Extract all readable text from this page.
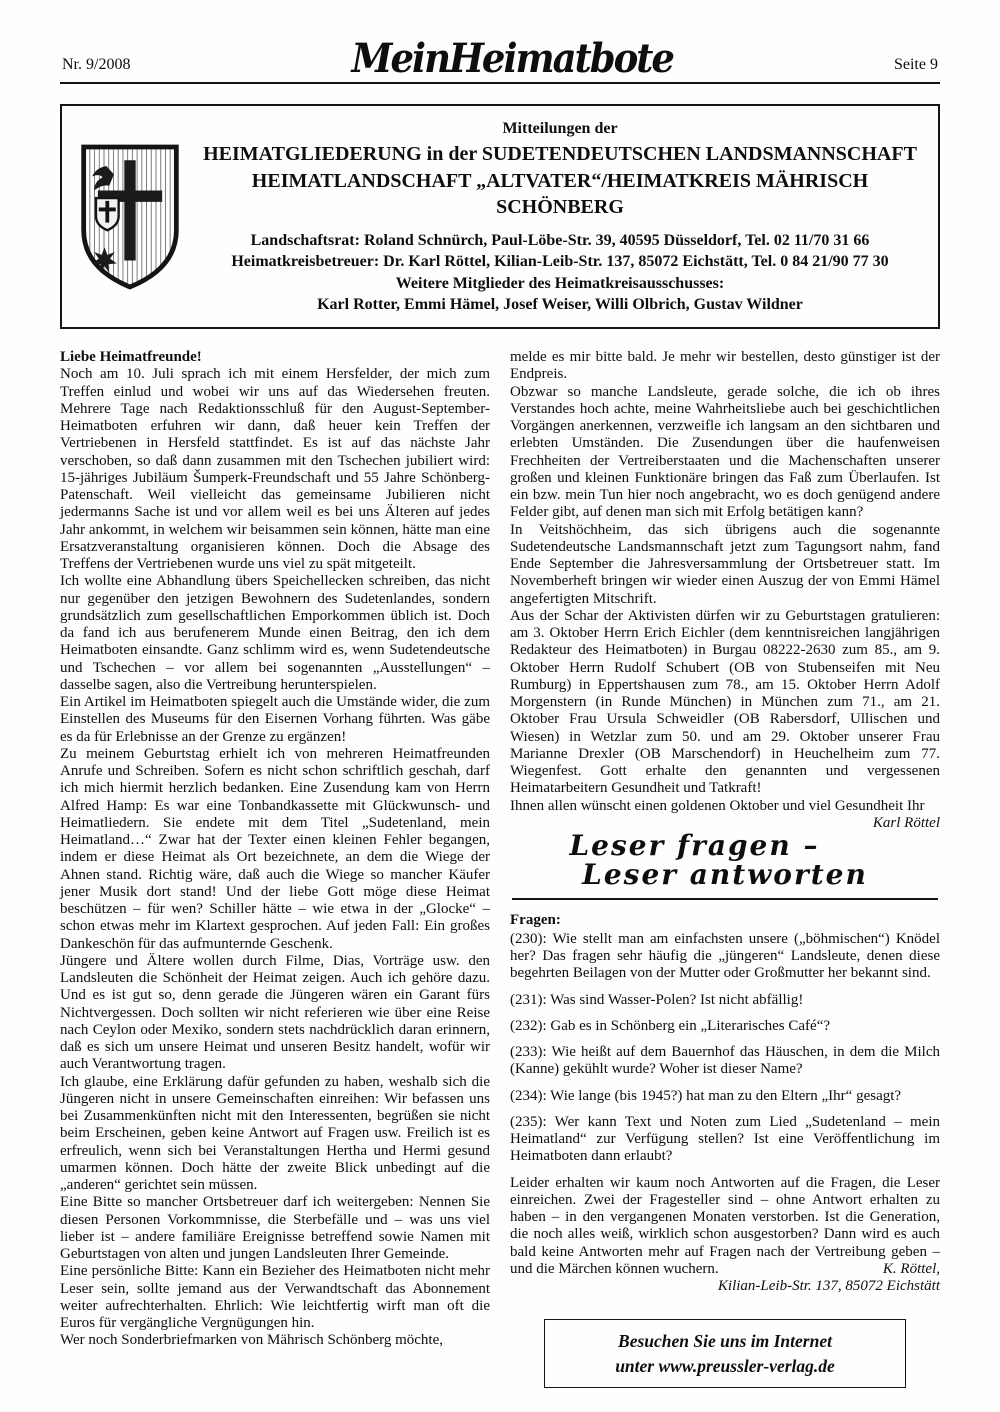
Nr. 9/2008	MeinHeimatbote	Seite 9
Mitteilungen der
HEIMATGLIEDERUNG in der SUDETENDEUTSCHEN LANDSMANNSCHAFT
HEIMATLANDSCHAFT „ALTVATER“/HEIMATKREIS MÄHRISCH SCHÖNBERG
Landschaftsrat: Roland Schnürch, Paul-Löbe-Str. 39, 40595 Düsseldorf, Tel. 02 11/70 31 66
Heimatkreisbetreuer: Dr. Karl Röttel, Kilian-Leib-Str. 137, 85072 Eichstätt, Tel. 0 84 21/90 77 30
Weitere Mitglieder des Heimatkreisausschusses:
Karl Rotter, Emmi Hämel, Josef Weiser, Willi Olbrich, Gustav Wildner

Liebe Heimatfreunde!

Noch am 10. Juli sprach ich mit einem Hersfelder, der mich zum Treffen einlud und wobei wir uns auf das Wiedersehen freuten. Mehrere Tage nach Redaktionsschluß für den August-September-Heimatboten erfuhren wir dann, daß heuer kein Treffen der Vertriebenen in Hersfeld stattfindet. Es ist auf das nächste Jahr verschoben, so daß dann zusammen mit den Tschechen jubiliert wird: 15-jähriges Jubiläum Šumperk-Freundschaft und 55 Jahre Schönberg-Patenschaft. Weil vielleicht das gemeinsame Jubilieren nicht jedermanns Sache ist und vor allem weil es bei uns Älteren auf jedes Jahr ankommt, in welchem wir beisammen sein können, hätte man eine Ersatzveranstaltung organisieren können. Doch die Absage des Treffens der Vertriebenen wurde uns viel zu spät mitgeteilt.

Ich wollte eine Abhandlung übers Speichellecken schreiben, das nicht nur gegenüber den jetzigen Bewohnern des Sudetenlandes, sondern grundsätzlich zum gesellschaftlichen Emporkommen üblich ist. Doch da fand ich aus berufenerem Munde einen Beitrag, den ich dem Heimatboten einsandte. Ganz schlimm wird es, wenn Sudetendeutsche und Tschechen – vor allem bei sogenannten „Ausstellungen“ – dasselbe sagen, also die Vertreibung herunterspielen.

Ein Artikel im Heimatboten spiegelt auch die Umstände wider, die zum Einstellen des Museums für den Eisernen Vorhang führten. Was gäbe es da für Erlebnisse an der Grenze zu ergänzen!

Zu meinem Geburtstag erhielt ich von mehreren Heimatfreunden Anrufe und Schreiben. Sofern es nicht schon schriftlich geschah, darf ich mich hiermit herzlich bedanken. Eine Zusendung kam von Herrn Alfred Hamp: Es war eine Tonbandkassette mit Glückwunsch- und Heimatliedern. Sie endete mit dem Titel „Sudetenland, mein Heimatland…“ Zwar hat der Texter einen kleinen Fehler begangen, indem er diese Heimat als Ort bezeichnete, an dem die Wiege der Ahnen stand. Richtig wäre, daß auch die Wiege so mancher Käufer jener Musik dort stand! Und der liebe Gott möge diese Heimat beschützen – für wen? Schiller hätte – wie etwa in der „Glocke“ – schon etwas mehr im Klartext gesprochen. Auf jeden Fall: Ein großes Dankeschön für das aufmunternde Geschenk.

Jüngere und Ältere wollen durch Filme, Dias, Vorträge usw. den Landsleuten die Schönheit der Heimat zeigen. Auch ich gehöre dazu. Und es ist gut so, denn gerade die Jüngeren wären ein Garant fürs Nichtvergessen. Doch sollten wir nicht referieren wie über eine Reise nach Ceylon oder Mexiko, sondern stets nachdrücklich daran erinnern, daß es sich um unsere Heimat und unseren Besitz handelt, wofür wir auch Verantwortung tragen.

Ich glaube, eine Erklärung dafür gefunden zu haben, weshalb sich die Jüngeren nicht in unsere Gemeinschaften einreihen: Wir befassen uns bei Zusammenkünften nicht mit den Interessenten, begrüßen sie nicht beim Erscheinen, geben keine Antwort auf Fragen usw. Freilich ist es erfreulich, wenn sich bei Veranstaltungen Hertha und Hermi gesund umarmen können. Doch hätte der zweite Blick unbedingt auf die „anderen“ gerichtet sein müssen.

Eine Bitte so mancher Ortsbetreuer darf ich weitergeben: Nennen Sie diesen Personen Vorkommnisse, die Sterbefälle und – was uns viel lieber ist – andere familiäre Ereignisse betreffend sowie Namen mit Geburtstagen von alten und jungen Landsleuten Ihrer Gemeinde.

Eine persönliche Bitte: Kann ein Bezieher des Heimatboten nicht mehr Leser sein, sollte jemand aus der Verwandtschaft das Abonnement weiter aufrechterhalten. Ehrlich: Wie leichtfertig wirft man oft die Euros für vergängliche Vergnügungen hin.

Wer noch Sonderbriefmarken von Mährisch Schönberg möchte,

melde es mir bitte bald. Je mehr wir bestellen, desto günstiger ist der Endpreis.

Obzwar so manche Landsleute, gerade solche, die ich ob ihres Verstandes hoch achte, meine Wahrheitsliebe auch bei geschichtlichen Vorgängen anerkennen, verzweifle ich langsam an den sichtbaren und erlebten Umständen. Die Zusendungen über die haufenweisen Frechheiten der Vertreiberstaaten und die Machenschaften unserer großen und kleinen Funktionäre bringen das Faß zum Überlaufen. Ist ein bzw. mein Tun hier noch angebracht, wo es doch genügend andere Felder gibt, auf denen man sich mit Erfolg betätigen kann?

In Veitshöchheim, das sich übrigens auch die sogenannte Sudetendeutsche Landsmannschaft jetzt zum Tagungsort nahm, fand Ende September die Jahresversammlung der Ortsbetreuer statt. Im Novemberheft bringen wir wieder einen Auszug der von Emmi Hämel angefertigten Mitschrift.

Aus der Schar der Aktivisten dürfen wir zu Geburtstagen gratulieren: am 3. Oktober Herrn Erich Eichler (dem kenntnisreichen langjährigen Redakteur des Heimatboten) in Burgau 08222-2630 zum 85., am 9. Oktober Herrn Rudolf Schubert (OB von Stubenseifen mit Neu Rumburg) in Eppertshausen zum 78., am 15. Oktober Herrn Adolf Morgenstern (in Runde München) in München zum 71., am 21. Oktober Frau Ursula Schweidler (OB Rabersdorf, Ullischen und Wiesen) in Wetzlar zum 50. und am 29. Oktober unserer Frau Marianne Drexler (OB Marschendorf) in Heuchelheim zum 77. Wiegenfest. Gott erhalte den genannten und vergessenen Heimatarbeitern Gesundheit und Tatkraft!

Ihnen allen wünscht einen goldenen Oktober und viel Gesundheit Ihr
Karl Röttel

Leser fragen – Leser antworten

Fragen:

(230): Wie stellt man am einfachsten unsere („böhmischen“) Knödel her? Das fragen sehr häufig die „jüngeren“ Landsleute, denen diese begehrten Beilagen von der Mutter oder Großmutter her bekannt sind.

(231): Was sind Wasser-Polen? Ist nicht abfällig!

(232): Gab es in Schönberg ein „Literarisches Café“?

(233): Wie heißt auf dem Bauernhof das Häuschen, in dem die Milch (Kanne) gekühlt wurde? Woher ist dieser Name?

(234): Wie lange (bis 1945?) hat man zu den Eltern „Ihr“ gesagt?

(235): Wer kann Text und Noten zum Lied „Sudetenland – mein Heimatland“ zur Verfügung stellen? Ist eine Veröffentlichung im Heimatboten dann erlaubt?

Leider erhalten wir kaum noch Antworten auf die Fragen, die Leser einreichen. Zwei der Fragesteller sind – ohne Antwort erhalten zu haben – in den vergangenen Monaten verstorben. Ist die Generation, die noch alles weiß, wirklich schon ausgestorben? Dann wird es auch bald keine Antworten mehr auf Fragen nach der Vertreibung geben – und die Märchen können wuchern.	K. Röttel,

Kilian-Leib-Str. 137, 85072 Eichstätt

Besuchen Sie uns im Internet
unter www.preussler-verlag.de
